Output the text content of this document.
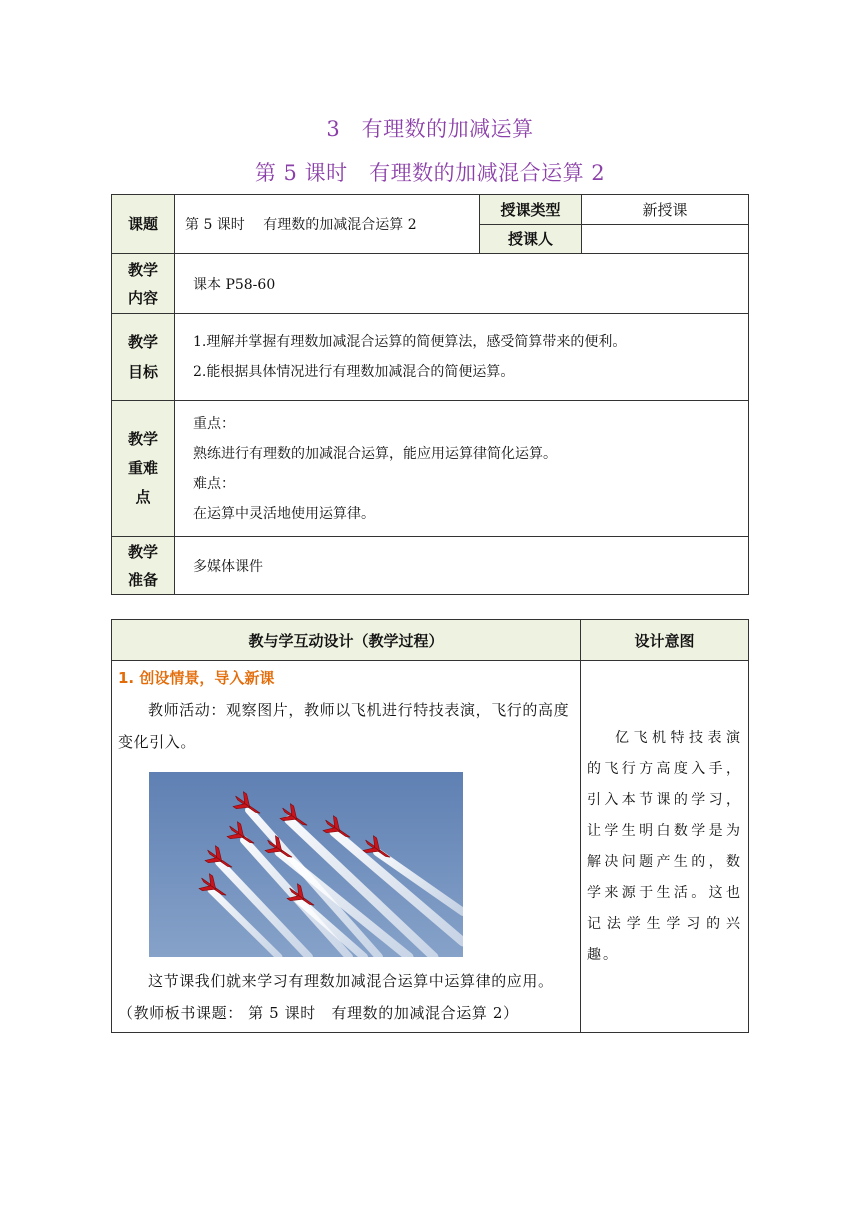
3　有理数的加减运算
第 5 课时　有理数的加减混合运算 2
课题	第 5 课时　 有理数的加减混合运算 2	授课类型	新授课
		授课人	

教学内容	课本 P58-60		

教学目标	1.理解并掌握有理数加减混合运算的简便算法，感受简算带来的便利。

2.能根据具体情况进行有理数加减混合的简便运算。		

教学重难点	重点：

熟练进行有理数的加减混合运算，能应用运算律简化运算。

难点：

在运算中灵活地使用运算律。		

教学准备	多媒体课件		
教与学互动设计（教学过程）	设计意图

1. 创设情景，导入新课

教师活动：观察图片，教师以飞机进行特技表演，飞行的高度变化引入。

这节课我们就来学习有理数加减混合运算中运算律的应用。（教师板书课题： 第 5 课时　有理数的加减混合运算 2）	亿飞机特技表演的飞行方高度入手，引入本节课的学习，让学生明白数学是为解决问题产生的，数学来源于生活。这也记法学生学习的兴趣。
